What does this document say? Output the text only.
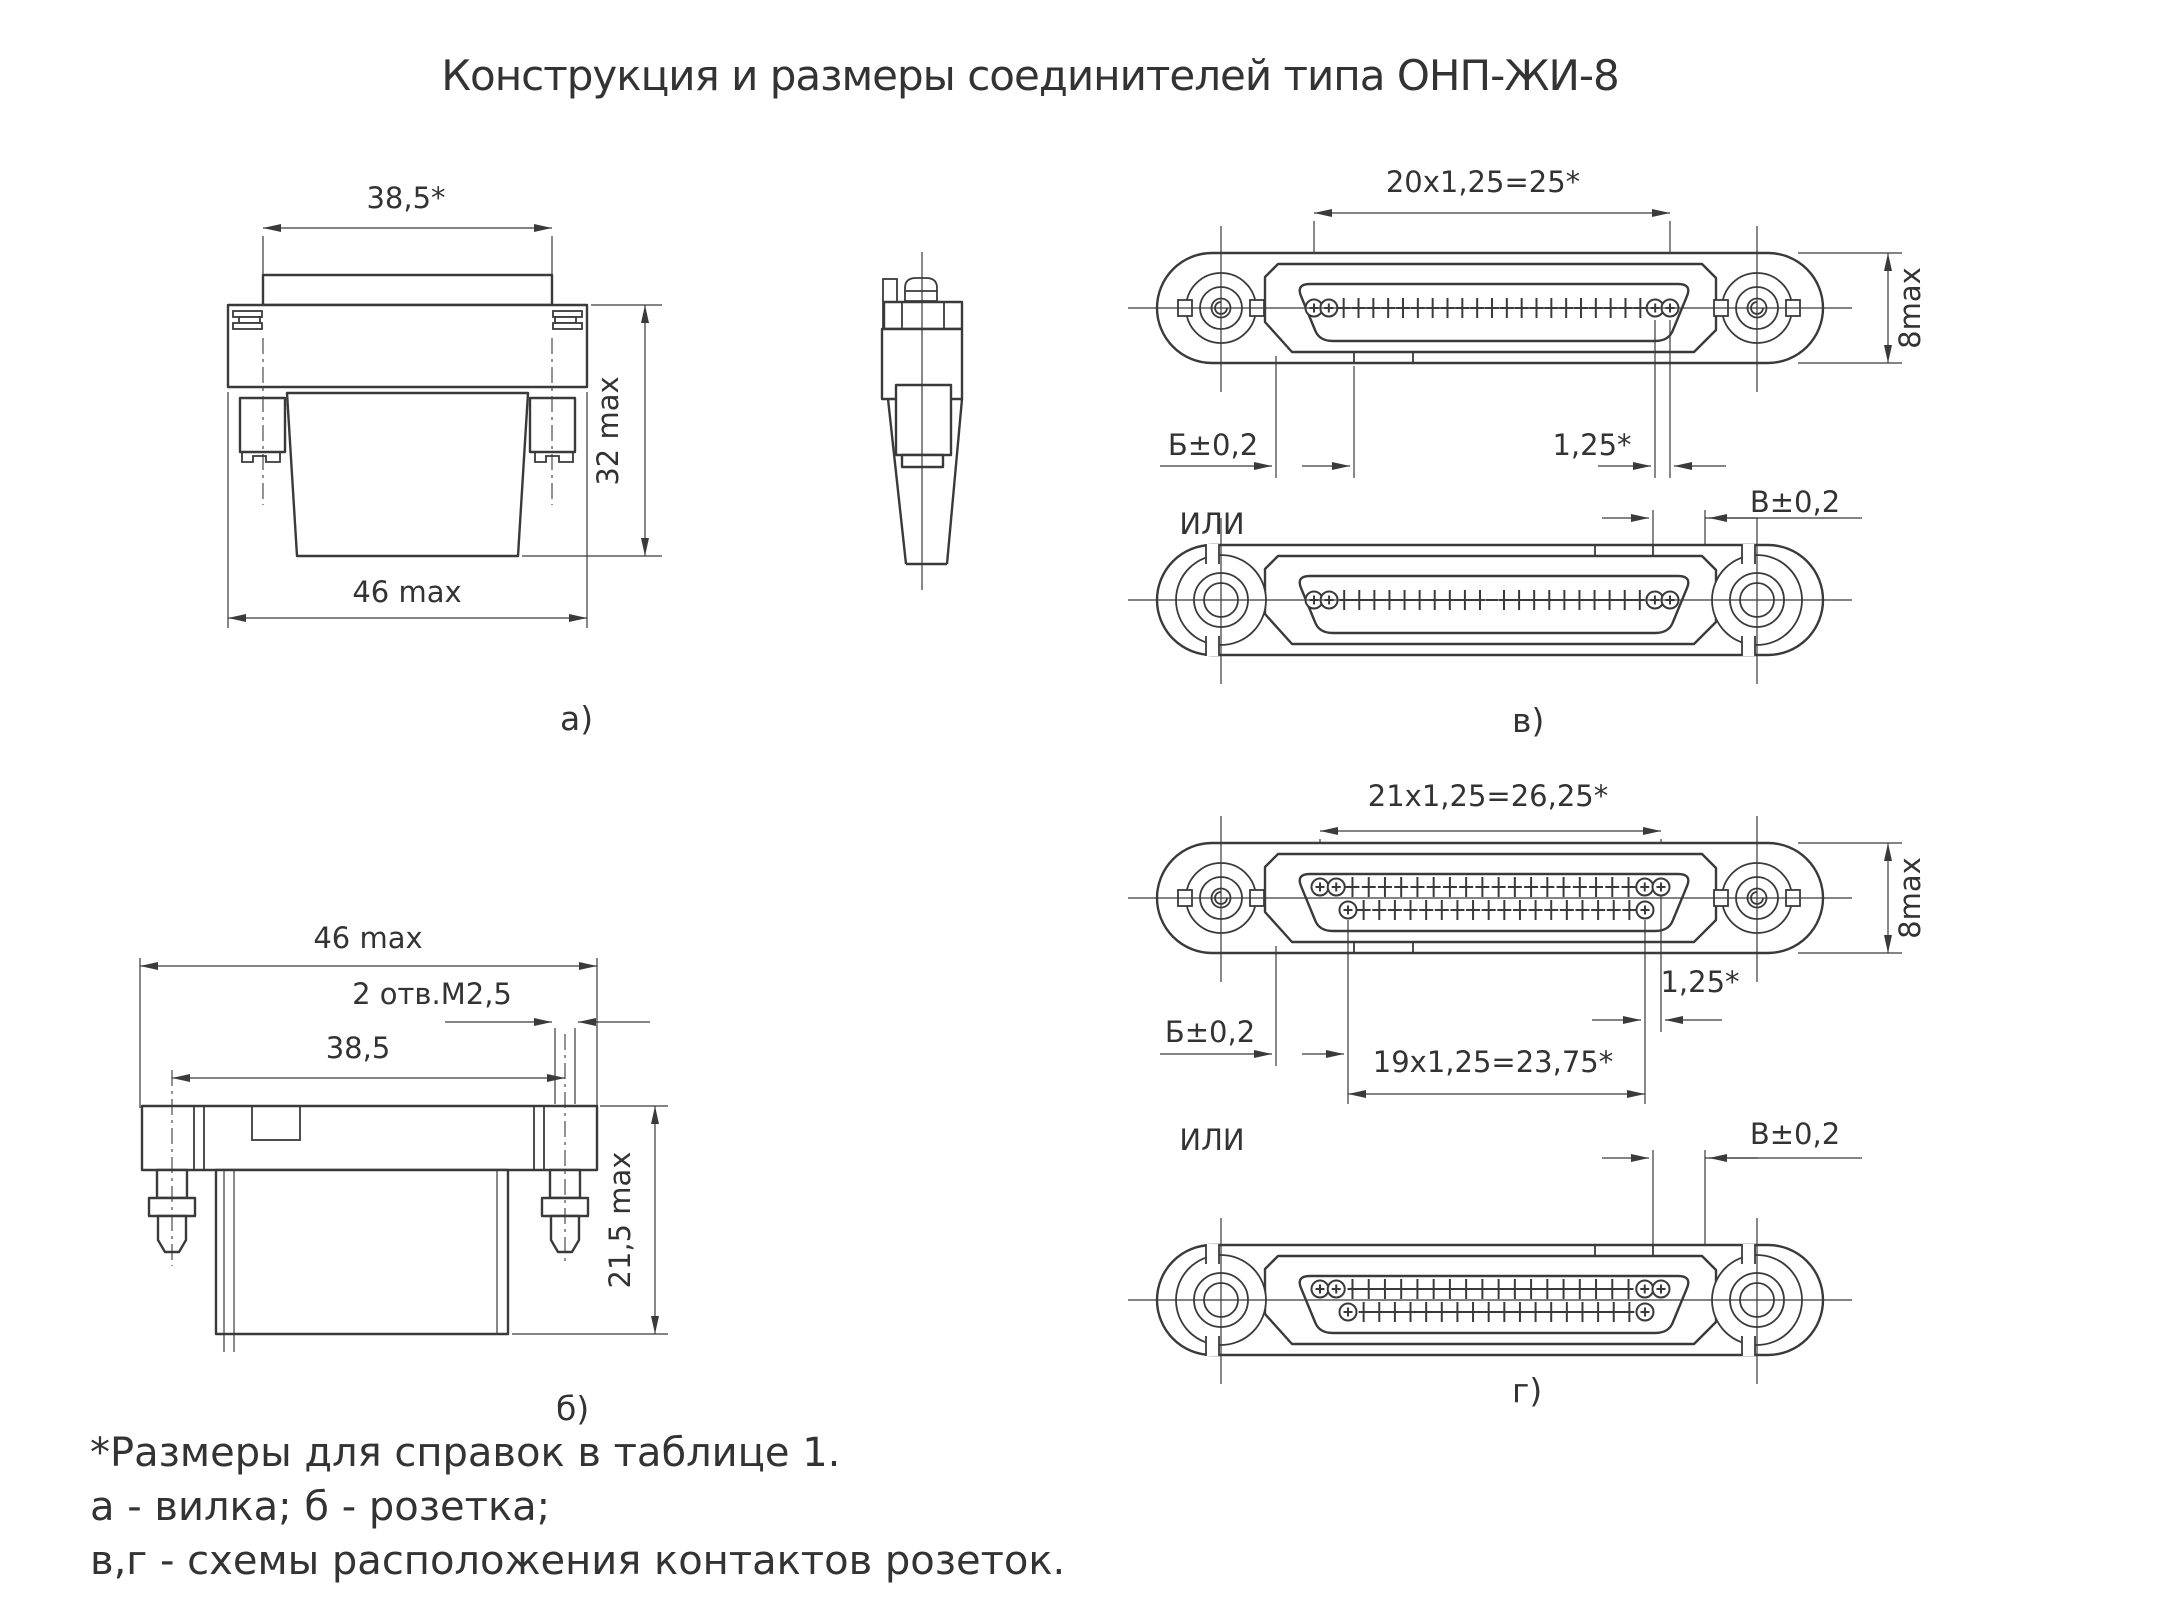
Конструкция и размеры соединителей типа ОНП-ЖИ-8
38,5*
32 max
46 max
а)
46 max
2 отв.М2,5
38,5
21,5 max
б)
20x1,25=25*
8max
Б±0,2	1,25*
ИЛИ
В±0,2
в)
21x1,25=26,25*
8max
Б±0,2
1,25*
19x1,25=23,75*
ИЛИ	В±0,2
г)
*Размеры для справок в таблице 1.
а - вилка; б - розетка;
в,г - схемы расположения контактов розеток.
